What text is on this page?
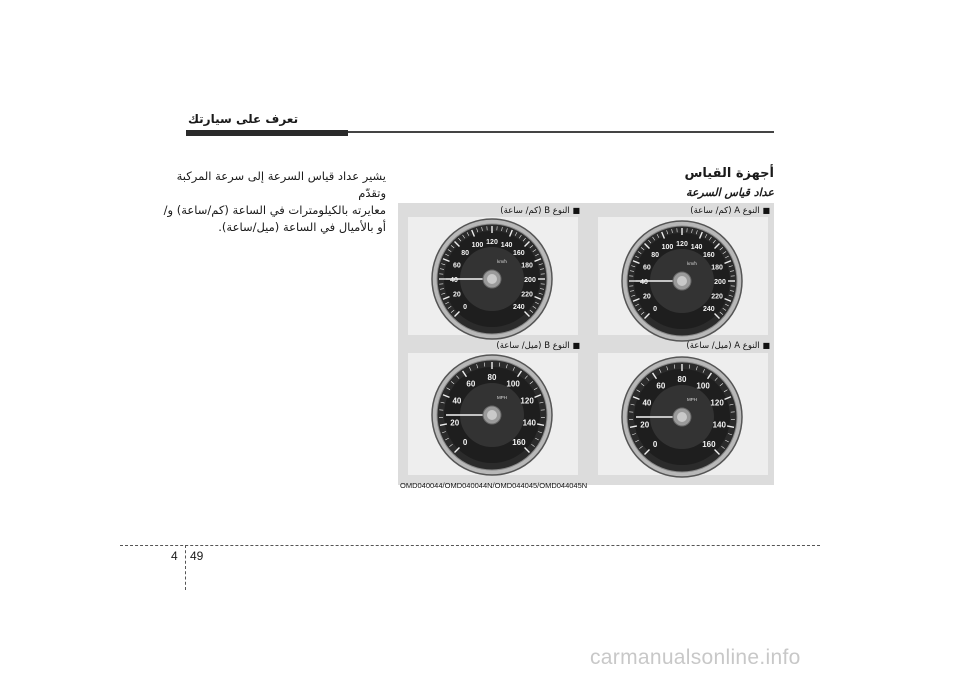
تعرف على سيارتك
يشير عداد قياس السرعة إلى سرعة المركبة وتقدّم
معايرته بالكيلومترات في الساعة (كم/ساعة) و/
أو بالأميال في الساعة (ميل/ساعة).
أجهزة القياس
عداد قياس السرعة
■ النوع B (كم/ ساعة)	■ النوع A (كم/ ساعة)
■ النوع B (ميل/ ساعة)	■ النوع A (ميل/ ساعة)
0
20
40
60
80
100 120 140
160
180
200
220
240
km/h
0
20
40
60
80
100 120 140
160
180
200
220
240
km/h
0
20
40
60
80
100
120
140
160
MPH
0
20
40
60
80
100
120
140
160
MPH
OMD040044/OMD040044N/OMD044045/OMD044045N
4 49
carmanualsonline.info
